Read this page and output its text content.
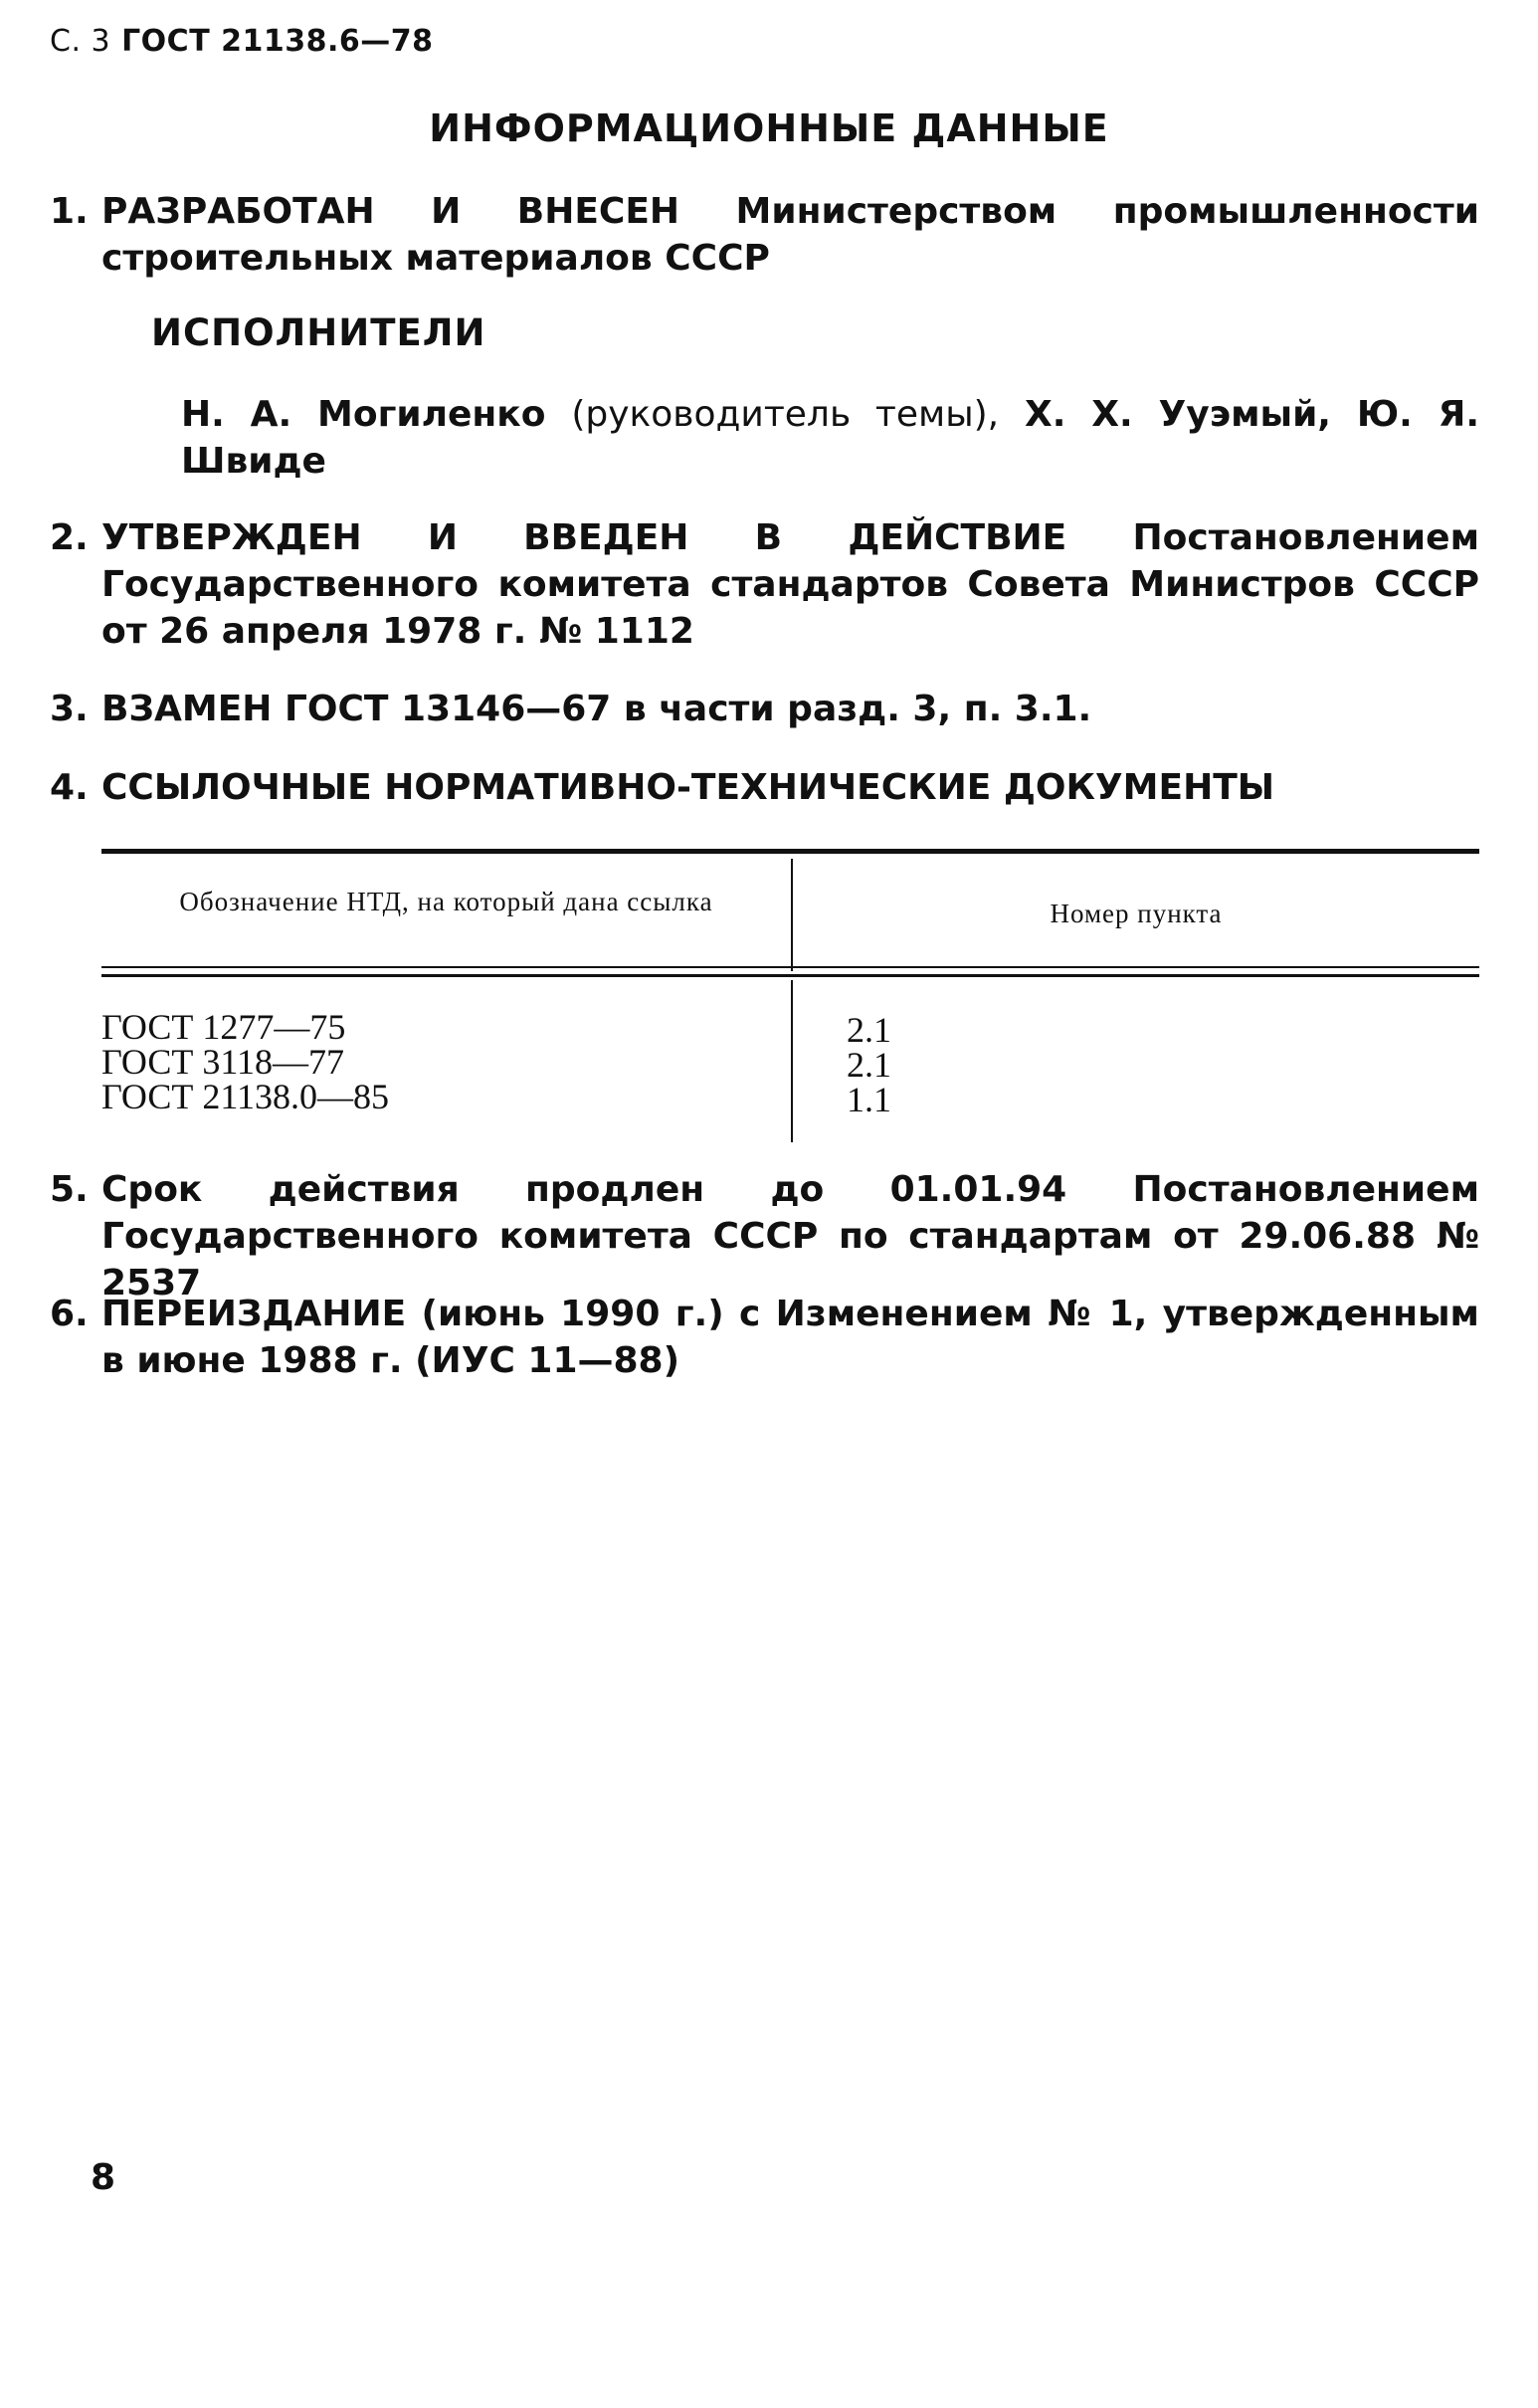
С. 3 ГОСТ 21138.6—78
ИНФОРМАЦИОННЫЕ ДАННЫЕ
1. РАЗРАБОТАН И ВНЕСЕН Министерством промышленности строительных материалов СССР
ИСПОЛНИТЕЛИ
Н. А. Могиленко (руководитель темы), Х. Х. Ууэмый, Ю. Я. Швиде
2. УТВЕРЖДЕН И ВВЕДЕН В ДЕЙСТВИЕ Постановлением Государственного комитета стандартов Совета Министров СССР от 26 апреля 1978 г. № 1112
3. ВЗАМЕН ГОСТ 13146—67 в части разд. 3, п. 3.1.
4. ССЫЛОЧНЫЕ НОРМАТИВНО-ТЕХНИЧЕСКИЕ ДОКУМЕНТЫ
Обозначение НТД, на который дана ссылка	Номер пункта
ГОСТ 1277—75	2.1
ГОСТ 3118—77	2.1
ГОСТ 21138.0—85	1.1
5. Срок действия продлен до 01.01.94 Постановлением Государственного комитета СССР по стандартам от 29.06.88 № 2537
6. ПЕРЕИЗДАНИЕ (июнь 1990 г.) с Изменением № 1, утвержденным в июне 1988 г. (ИУС 11—88)
8
